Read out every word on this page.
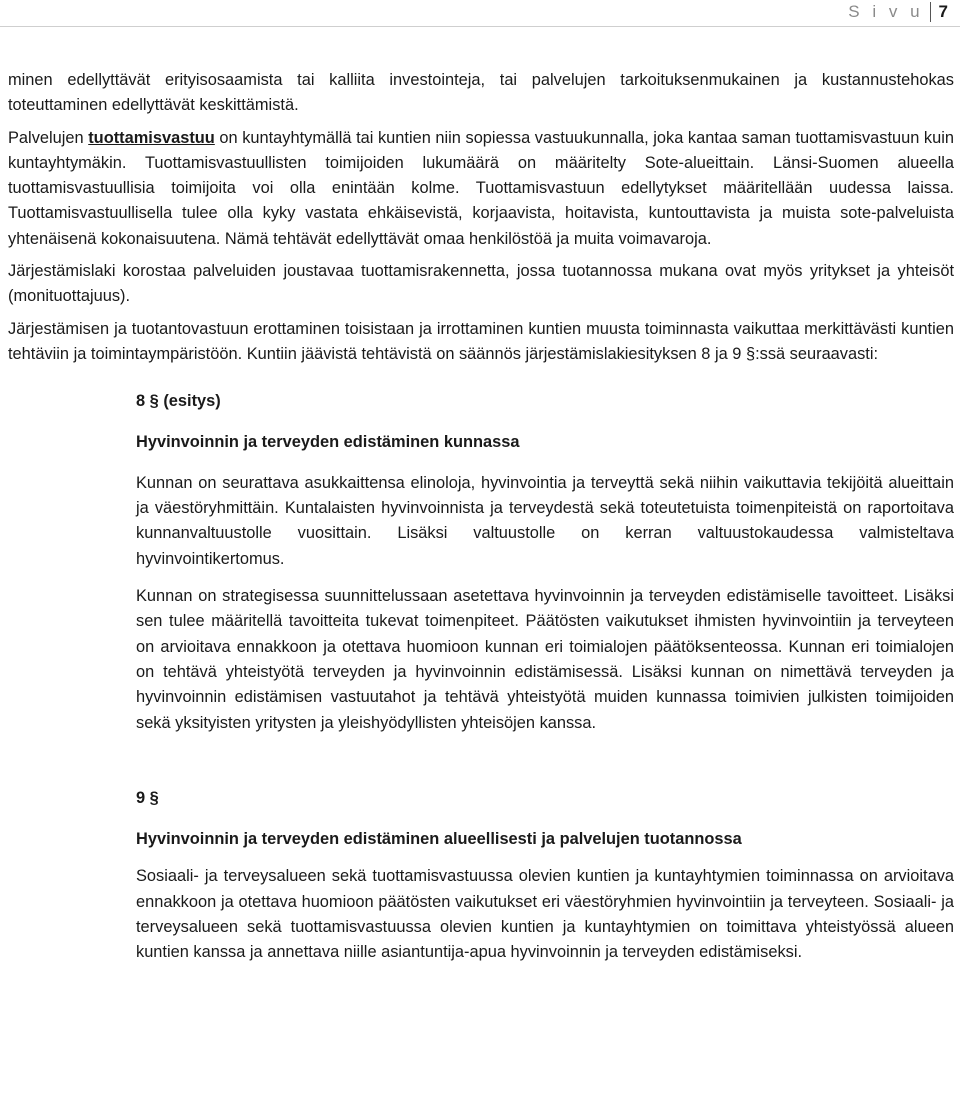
S i v u 7

minen edellyttävät erityisosaamista tai kalliita investointeja, tai palvelujen tarkoituksenmukainen ja kustannustehokas toteuttaminen edellyttävät keskittämistä.

Palvelujen tuottamisvastuu on kuntayhtymällä tai kuntien niin sopiessa vastuukunnalla, joka kantaa saman tuottamisvastuun kuin kuntayhtymäkin. Tuottamisvastuullisten toimijoiden lukumäärä on määritelty Sote-alueittain. Länsi-Suomen alueella tuottamisvastuullisia toimijoita voi olla enintään kolme. Tuottamisvastuun edellytykset määritellään uudessa laissa. Tuottamisvastuullisella tulee olla kyky vastata ehkäisevistä, korjaavista, hoitavista, kuntouttavista ja muista sote-palveluista yhtenäisenä kokonaisuutena. Nämä tehtävät edellyttävät omaa henkilöstöä ja muita voimavaroja.

Järjestämislaki korostaa palveluiden joustavaa tuottamisrakennetta, jossa tuotannossa mukana ovat myös yritykset ja yhteisöt (monituottajuus).

Järjestämisen ja tuotantovastuun erottaminen toisistaan ja irrottaminen kuntien muusta toiminnasta vaikuttaa merkittävästi kuntien tehtäviin ja toimintaympäristöön. Kuntiin jäävistä tehtävistä on säännös järjestämislakiesityksen 8 ja 9 §:ssä seuraavasti:

8 § (esitys)

Hyvinvoinnin ja terveyden edistäminen kunnassa

Kunnan on seurattava asukkaittensa elinoloja, hyvinvointia ja terveyttä sekä niihin vaikuttavia tekijöitä alueittain ja väestöryhmittäin. Kuntalaisten hyvinvoinnista ja terveydestä sekä toteutetuista toimenpiteistä on raportoitava kunnanvaltuustolle vuosittain. Lisäksi valtuustolle on kerran valtuustokaudessa valmisteltava hyvinvointikertomus.

Kunnan on strategisessa suunnittelussaan asetettava hyvinvoinnin ja terveyden edistämiselle tavoitteet. Lisäksi sen tulee määritellä tavoitteita tukevat toimenpiteet. Päätösten vaikutukset ihmisten hyvinvointiin ja terveyteen on arvioitava ennakkoon ja otettava huomioon kunnan eri toimialojen päätöksenteossa. Kunnan eri toimialojen on tehtävä yhteistyötä terveyden ja hyvinvoinnin edistämisessä. Lisäksi kunnan on nimettävä terveyden ja hyvinvoinnin edistämisen vastuutahot ja tehtävä yhteistyötä muiden kunnassa toimivien julkisten toimijoiden sekä yksityisten yritysten ja yleishyödyllisten yhteisöjen kanssa.

9 §

Hyvinvoinnin ja terveyden edistäminen alueellisesti ja palvelujen tuotannossa

Sosiaali- ja terveysalueen sekä tuottamisvastuussa olevien kuntien ja kuntayhtymien toiminnassa on arvioitava ennakkoon ja otettava huomioon päätösten vaikutukset eri väestöryhmien hyvinvointiin ja terveyteen. Sosiaali- ja terveysalueen sekä tuottamisvastuussa olevien kuntien ja kuntayhtymien on toimittava yhteistyössä alueen kuntien kanssa ja annettava niille asiantuntija-apua hyvinvoinnin ja terveyden edistämiseksi.
